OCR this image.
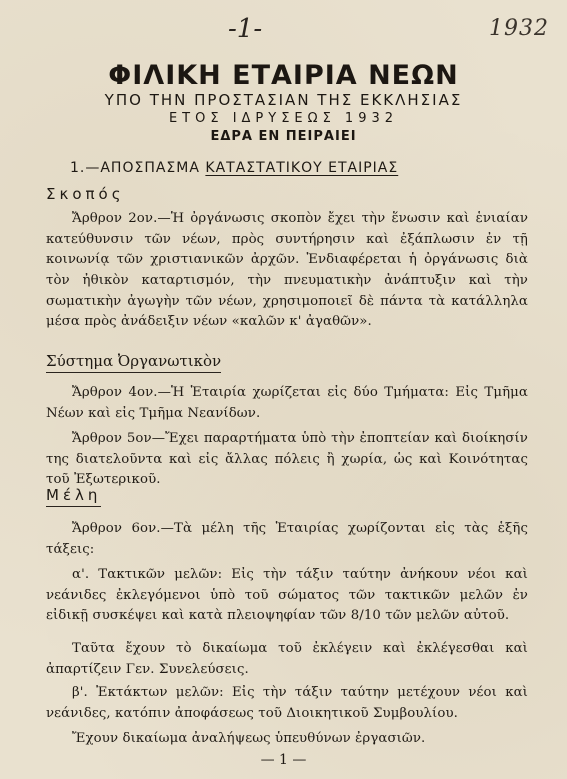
-1-	1932
ΦΙΛΙΚΗ ΕΤΑΙΡΙΑ ΝΕΩΝ
ΥΠΟ ΤΗΝ ΠΡΟΣΤΑΣΙΑΝ ΤΗΣ ΕΚΚΛΗΣΙΑΣ
ΕΤΟΣ ΙΔΡΥΣΕΩΣ 1932
ΕΔΡΑ ΕΝ ΠΕΙΡΑΙΕΙ
1.—ΑΠΟΣΠΑΣΜΑ ΚΑΤΑΣΤΑΤΙΚΟΥ ΕΤΑΙΡΙΑΣ
Σκοπός

Ἄρθρον 2ον.—Ἡ ὀργάνωσις σκοπὸν ἔχει τὴν ἕνωσιν καὶ ἑνιαίαν κατεύθυνσιν τῶν νέων, πρὸς συντήρησιν καὶ ἐξάπλωσιν ἐν τῇ κοινωνίᾳ τῶν χριστιανικῶν ἀρχῶν. Ἐνδιαφέρεται ἡ ὀργάνωσις διὰ τὸν ἠθικὸν καταρτισμόν, τὴν πνευματικὴν ἀνάπτυξιν καὶ τὴν σωματικὴν ἀγωγὴν τῶν νέων, χρησιμοποιεῖ δὲ πάντα τὰ κατάλληλα μέσα πρὸς ἀνάδειξιν νέων «καλῶν κ' ἀγαθῶν».

Σύστημα Ὀργανωτικὸν

Ἄρθρον 4ον.—Ἡ Ἑταιρία χωρίζεται εἰς δύο Τμήματα: Εἰς Τμῆμα Νέων καὶ εἰς Τμῆμα Νεανίδων.

Ἄρθρον 5ον—Ἔχει παραρτήματα ὑπὸ τὴν ἐποπτείαν καὶ διοίκησίν της διατελοῦντα καὶ εἰς ἄλλας πόλεις ἢ χωρία, ὡς καὶ Κοινότητας τοῦ Ἐξωτερικοῦ.

Μέλη

Ἄρθρον 6ον.—Τὰ μέλη τῆς Ἑταιρίας χωρίζονται εἰς τὰς ἑξῆς τάξεις:

α'. Τακτικῶν μελῶν: Εἰς τὴν τάξιν ταύτην ἀνήκουν νέοι καὶ νεάνιδες ἐκλεγόμενοι ὑπὸ τοῦ σώματος τῶν τακτικῶν μελῶν ἐν εἰδικῇ συσκέψει καὶ κατὰ πλειοψηφίαν τῶν 8/10 τῶν μελῶν αὐτοῦ.

Ταῦτα ἔχουν τὸ δικαίωμα τοῦ ἐκλέγειν καὶ ἐκλέγεσθαι καὶ ἀπαρτίζειν Γεν. Συνελεύσεις.

β'. Ἐκτάκτων μελῶν: Εἰς τὴν τάξιν ταύτην μετέχουν νέοι καὶ νεάνιδες, κατόπιν ἀποφάσεως τοῦ Διοικητικοῦ Συμβουλίου.

Ἔχουν δικαίωμα ἀναλήψεως ὑπευθύνων ἐργασιῶν.

— 1 —
